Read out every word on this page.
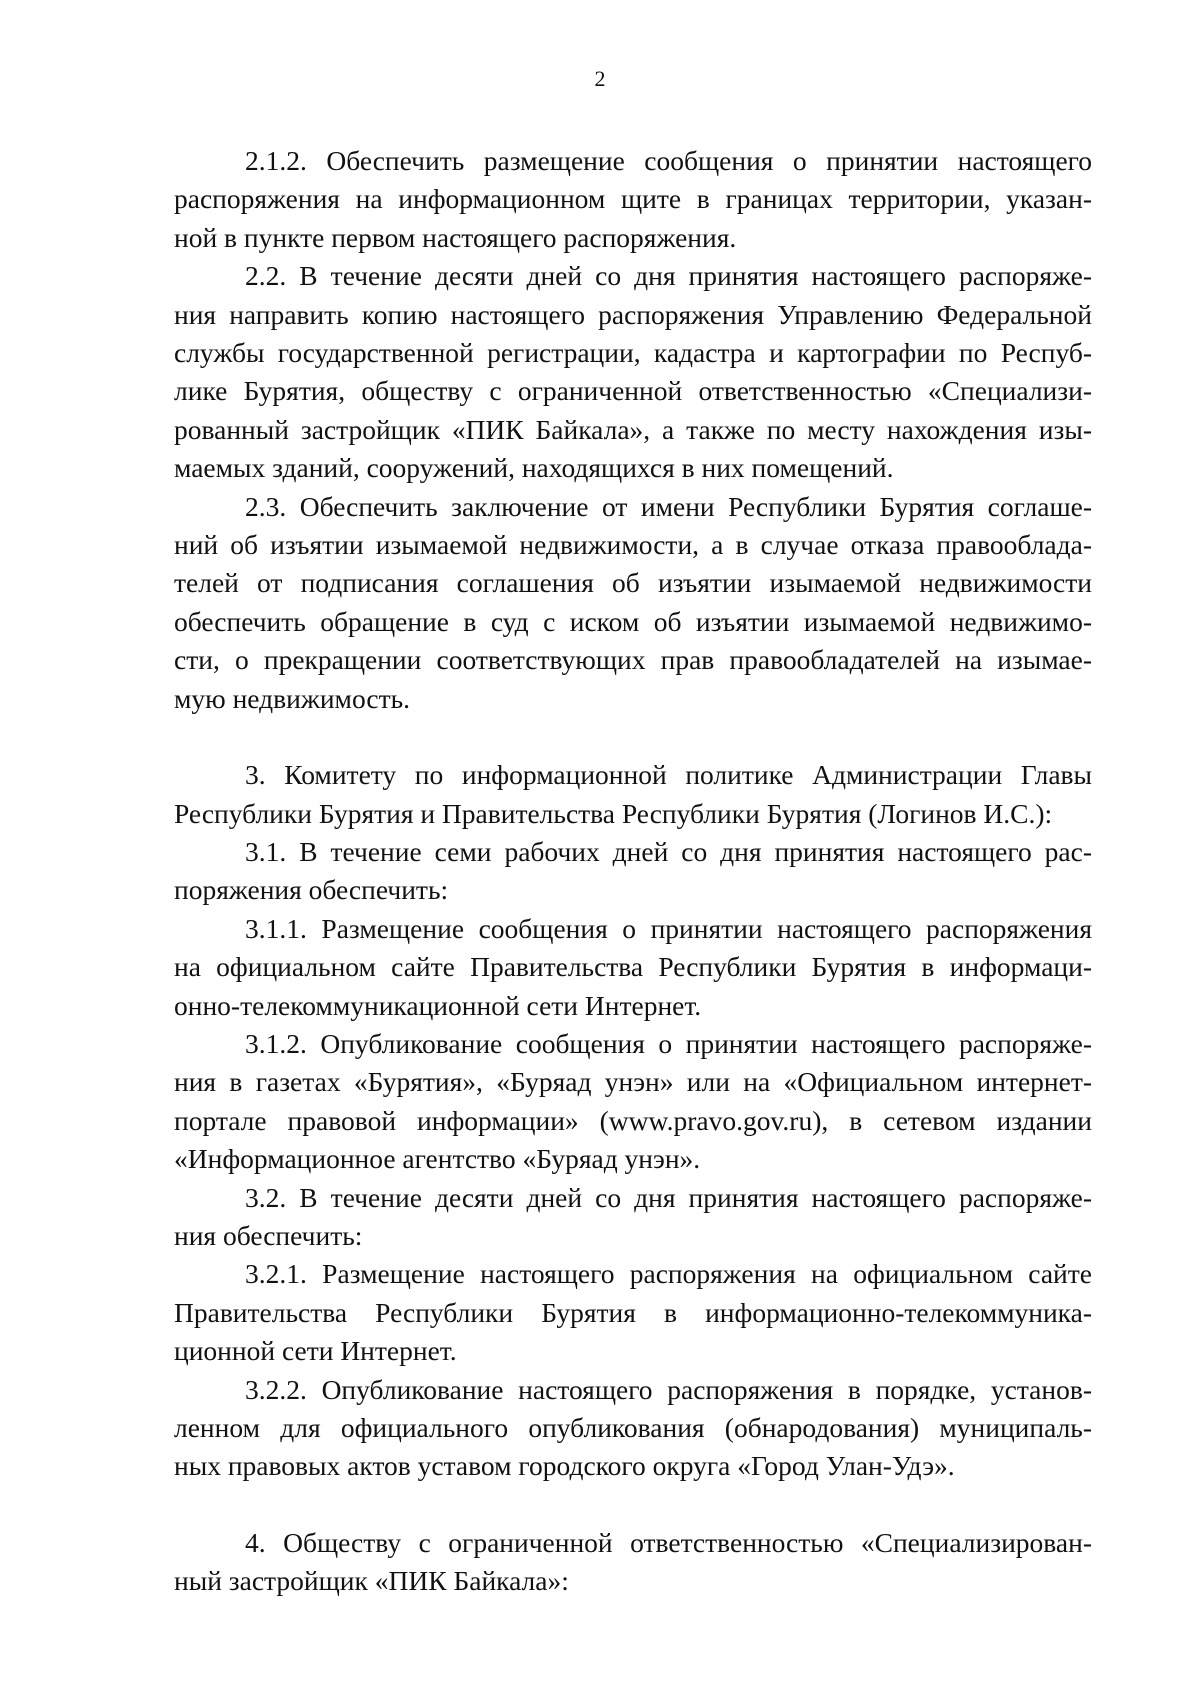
2

2.1.2. Обеспечить размещение сообщения о принятии настоящего
распоряжения на информационном щите в границах территории, указан-
ной в пункте первом настоящего распоряжения.

2.2. В течение десяти дней со дня принятия настоящего распоряже-
ния направить копию настоящего распоряжения Управлению Федеральной
службы государственной регистрации, кадастра и картографии по Респуб-
лике Бурятия, обществу с ограниченной ответственностью «Специализи-
рованный застройщик «ПИК Байкала», а также по месту нахождения изы-
маемых зданий, сооружений, находящихся в них помещений.

2.3. Обеспечить заключение от имени Республики Бурятия соглаше-
ний об изъятии изымаемой недвижимости, а в случае отказа правооблада-
телей от подписания соглашения об изъятии изымаемой недвижимости
обеспечить обращение в суд с иском об изъятии изымаемой недвижимо-
сти, о прекращении соответствующих прав правообладателей на изымае-
мую недвижимость.

3. Комитету по информационной политике Администрации Главы
Республики Бурятия и Правительства Республики Бурятия (Логинов И.С.):

3.1. В течение семи рабочих дней со дня принятия настоящего рас-
поряжения обеспечить:

3.1.1. Размещение сообщения о принятии настоящего распоряжения
на официальном сайте Правительства Республики Бурятия в информаци-
онно-телекоммуникационной сети Интернет.

3.1.2. Опубликование сообщения о принятии настоящего распоряже-
ния в газетах «Бурятия», «Буряад унэн» или на «Официальном интернет-
портале правовой информации» (www.pravo.gov.ru), в сетевом издании
«Информационное агентство «Буряад унэн».

3.2. В течение десяти дней со дня принятия настоящего распоряже-
ния обеспечить:

3.2.1. Размещение настоящего распоряжения на официальном сайте
Правительства Республики Бурятия в информационно-телекоммуника-
ционной сети Интернет.

3.2.2. Опубликование настоящего распоряжения в порядке, установ-
ленном для официального опубликования (обнародования) муниципаль-
ных правовых актов уставом городского округа «Город Улан-Удэ».

4. Обществу с ограниченной ответственностью «Специализирован-
ный застройщик «ПИК Байкала»:
